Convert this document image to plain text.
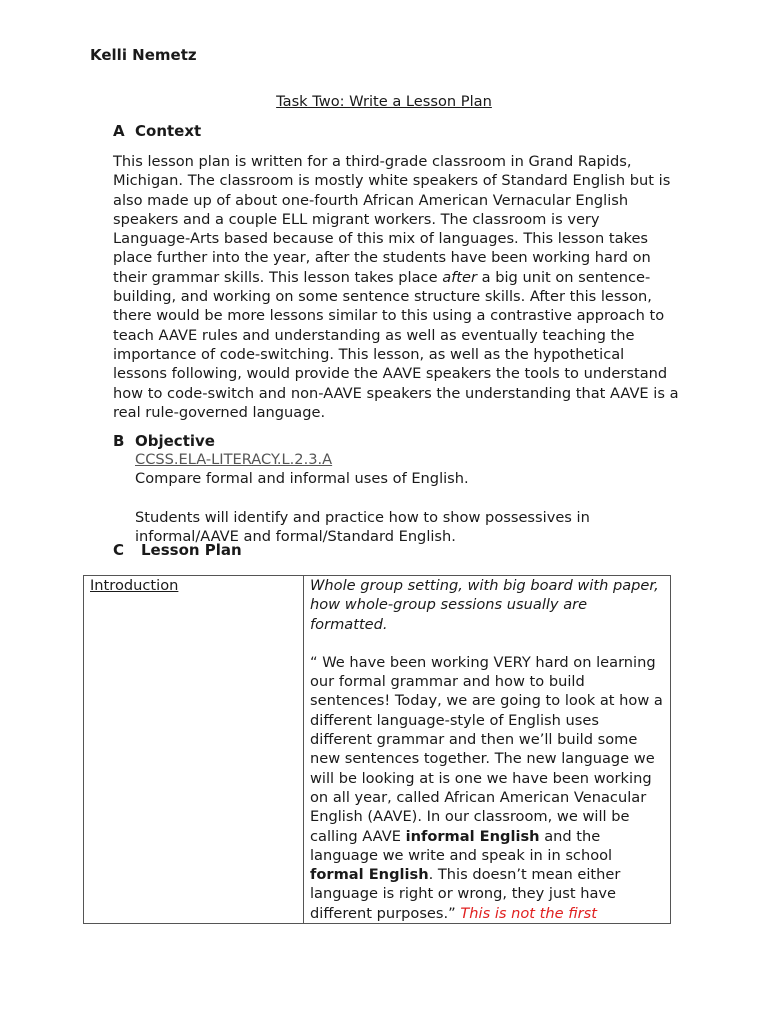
Kelli Nemetz
Task Two: Write a Lesson Plan
A Context
This lesson plan is written for a third-grade classroom in Grand Rapids, Michigan. The classroom is mostly white speakers of Standard English but is also made up of about one-fourth African American Vernacular English speakers and a couple ELL migrant workers. The classroom is very Language-Arts based because of this mix of languages. This lesson takes place further into the year, after the students have been working hard on their grammar skills. This lesson takes place after a big unit on sentence-building, and working on some sentence structure skills. After this lesson, there would be more lessons similar to this using a contrastive approach to teach AAVE rules and understanding as well as eventually teaching the importance of code-switching. This lesson, as well as the hypothetical lessons following, would provide the AAVE speakers the tools to understand how to code-switch and non-AAVE speakers the understanding that AAVE is a real rule-governed language.
B Objective
CCSS.ELA-LITERACY.L.2.3.A
Compare formal and informal uses of English.
Students will identify and practice how to show possessives in informal/AAVE and formal/Standard English.
C Lesson Plan
Introduction	Whole group setting, with big board with paper, how whole-group sessions usually are formatted.
“ We have been working VERY hard on learning our formal grammar and how to build sentences! Today, we are going to look at how a different language-style of English uses different grammar and then we’ll build some new sentences together. The new language we will be looking at is one we have been working on all year, called African American Venacular English (AAVE). In our classroom, we will be calling AAVE informal English and the language we write and speak in in school formal English. This doesn’t mean either language is right or wrong, they just have different purposes.” This is not the first
